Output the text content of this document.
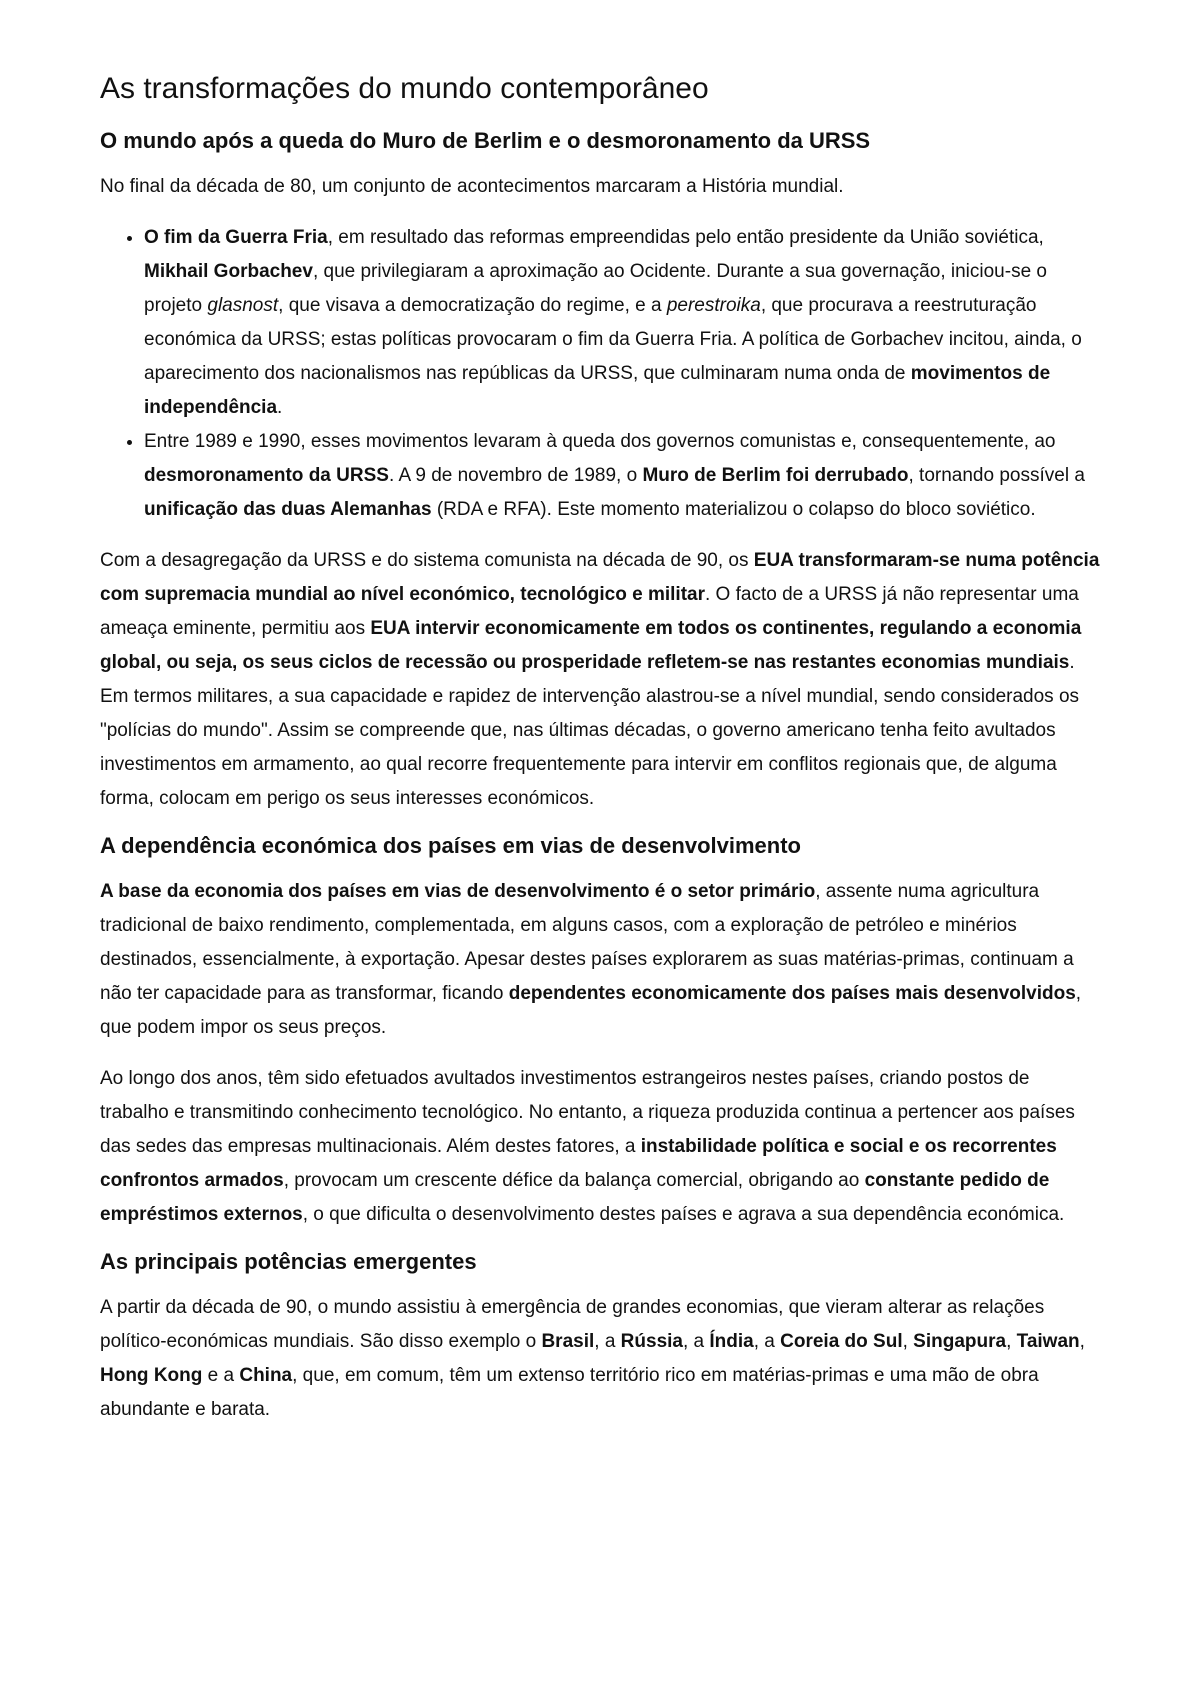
As transformações do mundo contemporâneo
O mundo após a queda do Muro de Berlim e o desmoronamento da URSS

No final da década de 80, um conjunto de acontecimentos marcaram a História mundial.

• O fim da Guerra Fria, em resultado das reformas empreendidas pelo então presidente da União soviética, Mikhail Gorbachev, que privilegiaram a aproximação ao Ocidente. Durante a sua governação, iniciou-se o projeto glasnost, que visava a democratização do regime, e a perestroika, que procurava a reestruturação económica da URSS; estas políticas provocaram o fim da Guerra Fria. A política de Gorbachev incitou, ainda, o aparecimento dos nacionalismos nas repúblicas da URSS, que culminaram numa onda de movimentos de independência.
• Entre 1989 e 1990, esses movimentos levaram à queda dos governos comunistas e, consequentemente, ao desmoronamento da URSS. A 9 de novembro de 1989, o Muro de Berlim foi derrubado, tornando possível a unificação das duas Alemanhas (RDA e RFA). Este momento materializou o colapso do bloco soviético.

Com a desagregação da URSS e do sistema comunista na década de 90, os EUA transformaram-se numa potência com supremacia mundial ao nível económico, tecnológico e militar. O facto de a URSS já não representar uma ameaça eminente, permitiu aos EUA intervir economicamente em todos os continentes, regulando a economia global, ou seja, os seus ciclos de recessão ou prosperidade refletem-se nas restantes economias mundiais. Em termos militares, a sua capacidade e rapidez de intervenção alastrou-se a nível mundial, sendo considerados os "polícias do mundo". Assim se compreende que, nas últimas décadas, o governo americano tenha feito avultados investimentos em armamento, ao qual recorre frequentemente para intervir em conflitos regionais que, de alguma forma, colocam em perigo os seus interesses económicos.

A dependência económica dos países em vias de desenvolvimento

A base da economia dos países em vias de desenvolvimento é o setor primário, assente numa agricultura tradicional de baixo rendimento, complementada, em alguns casos, com a exploração de petróleo e minérios destinados, essencialmente, à exportação. Apesar destes países explorarem as suas matérias-primas, continuam a não ter capacidade para as transformar, ficando dependentes economicamente dos países mais desenvolvidos, que podem impor os seus preços.

Ao longo dos anos, têm sido efetuados avultados investimentos estrangeiros nestes países, criando postos de trabalho e transmitindo conhecimento tecnológico. No entanto, a riqueza produzida continua a pertencer aos países das sedes das empresas multinacionais. Além destes fatores, a instabilidade política e social e os recorrentes confrontos armados, provocam um crescente défice da balança comercial, obrigando ao constante pedido de empréstimos externos, o que dificulta o desenvolvimento destes países e agrava a sua dependência económica.

As principais potências emergentes

A partir da década de 90, o mundo assistiu à emergência de grandes economias, que vieram alterar as relações político-económicas mundiais. São disso exemplo o Brasil, a Rússia, a Índia, a Coreia do Sul, Singapura, Taiwan, Hong Kong e a China, que, em comum, têm um extenso território rico em matérias-primas e uma mão de obra abundante e barata.
